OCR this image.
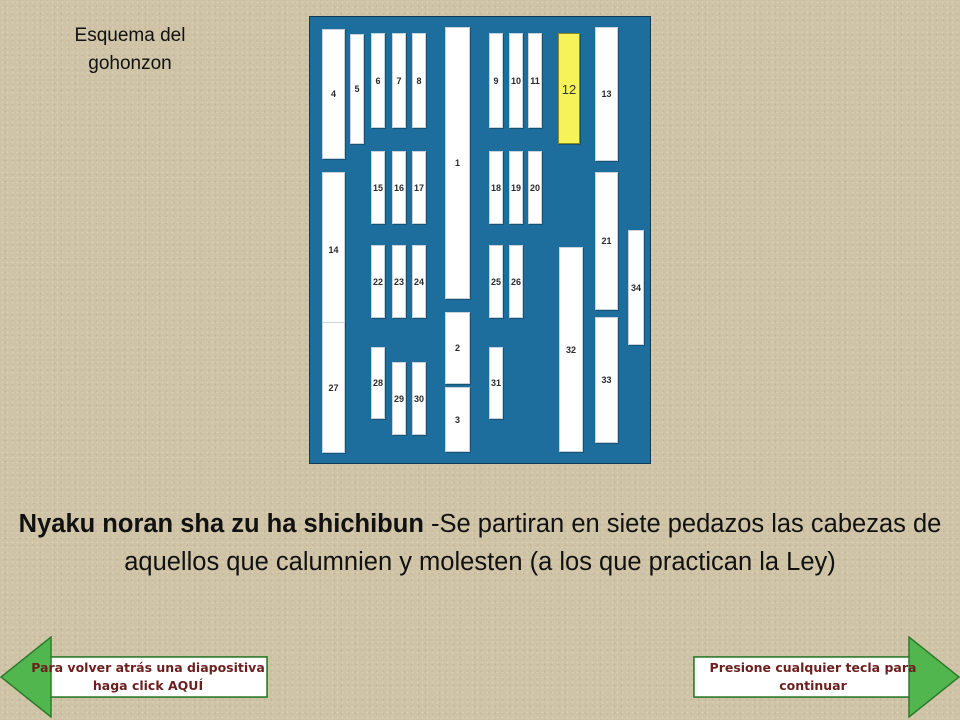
Esquema del gohonzon
4	5
14
27
6	7	8
15 16 17
22 23 24
28
29 30
1
2
3
9	10 11
12
18 19 20
25 26
31
32
13
21
33
34
Nyaku noran sha zu ha shichibun -Se partiran en siete pedazos las cabezas de aquellos que calumnien y molesten (a los que practican la Ley)
Para volver atrás una diapositiva haga click AQUÍ
Presione cualquier tecla para continuar
